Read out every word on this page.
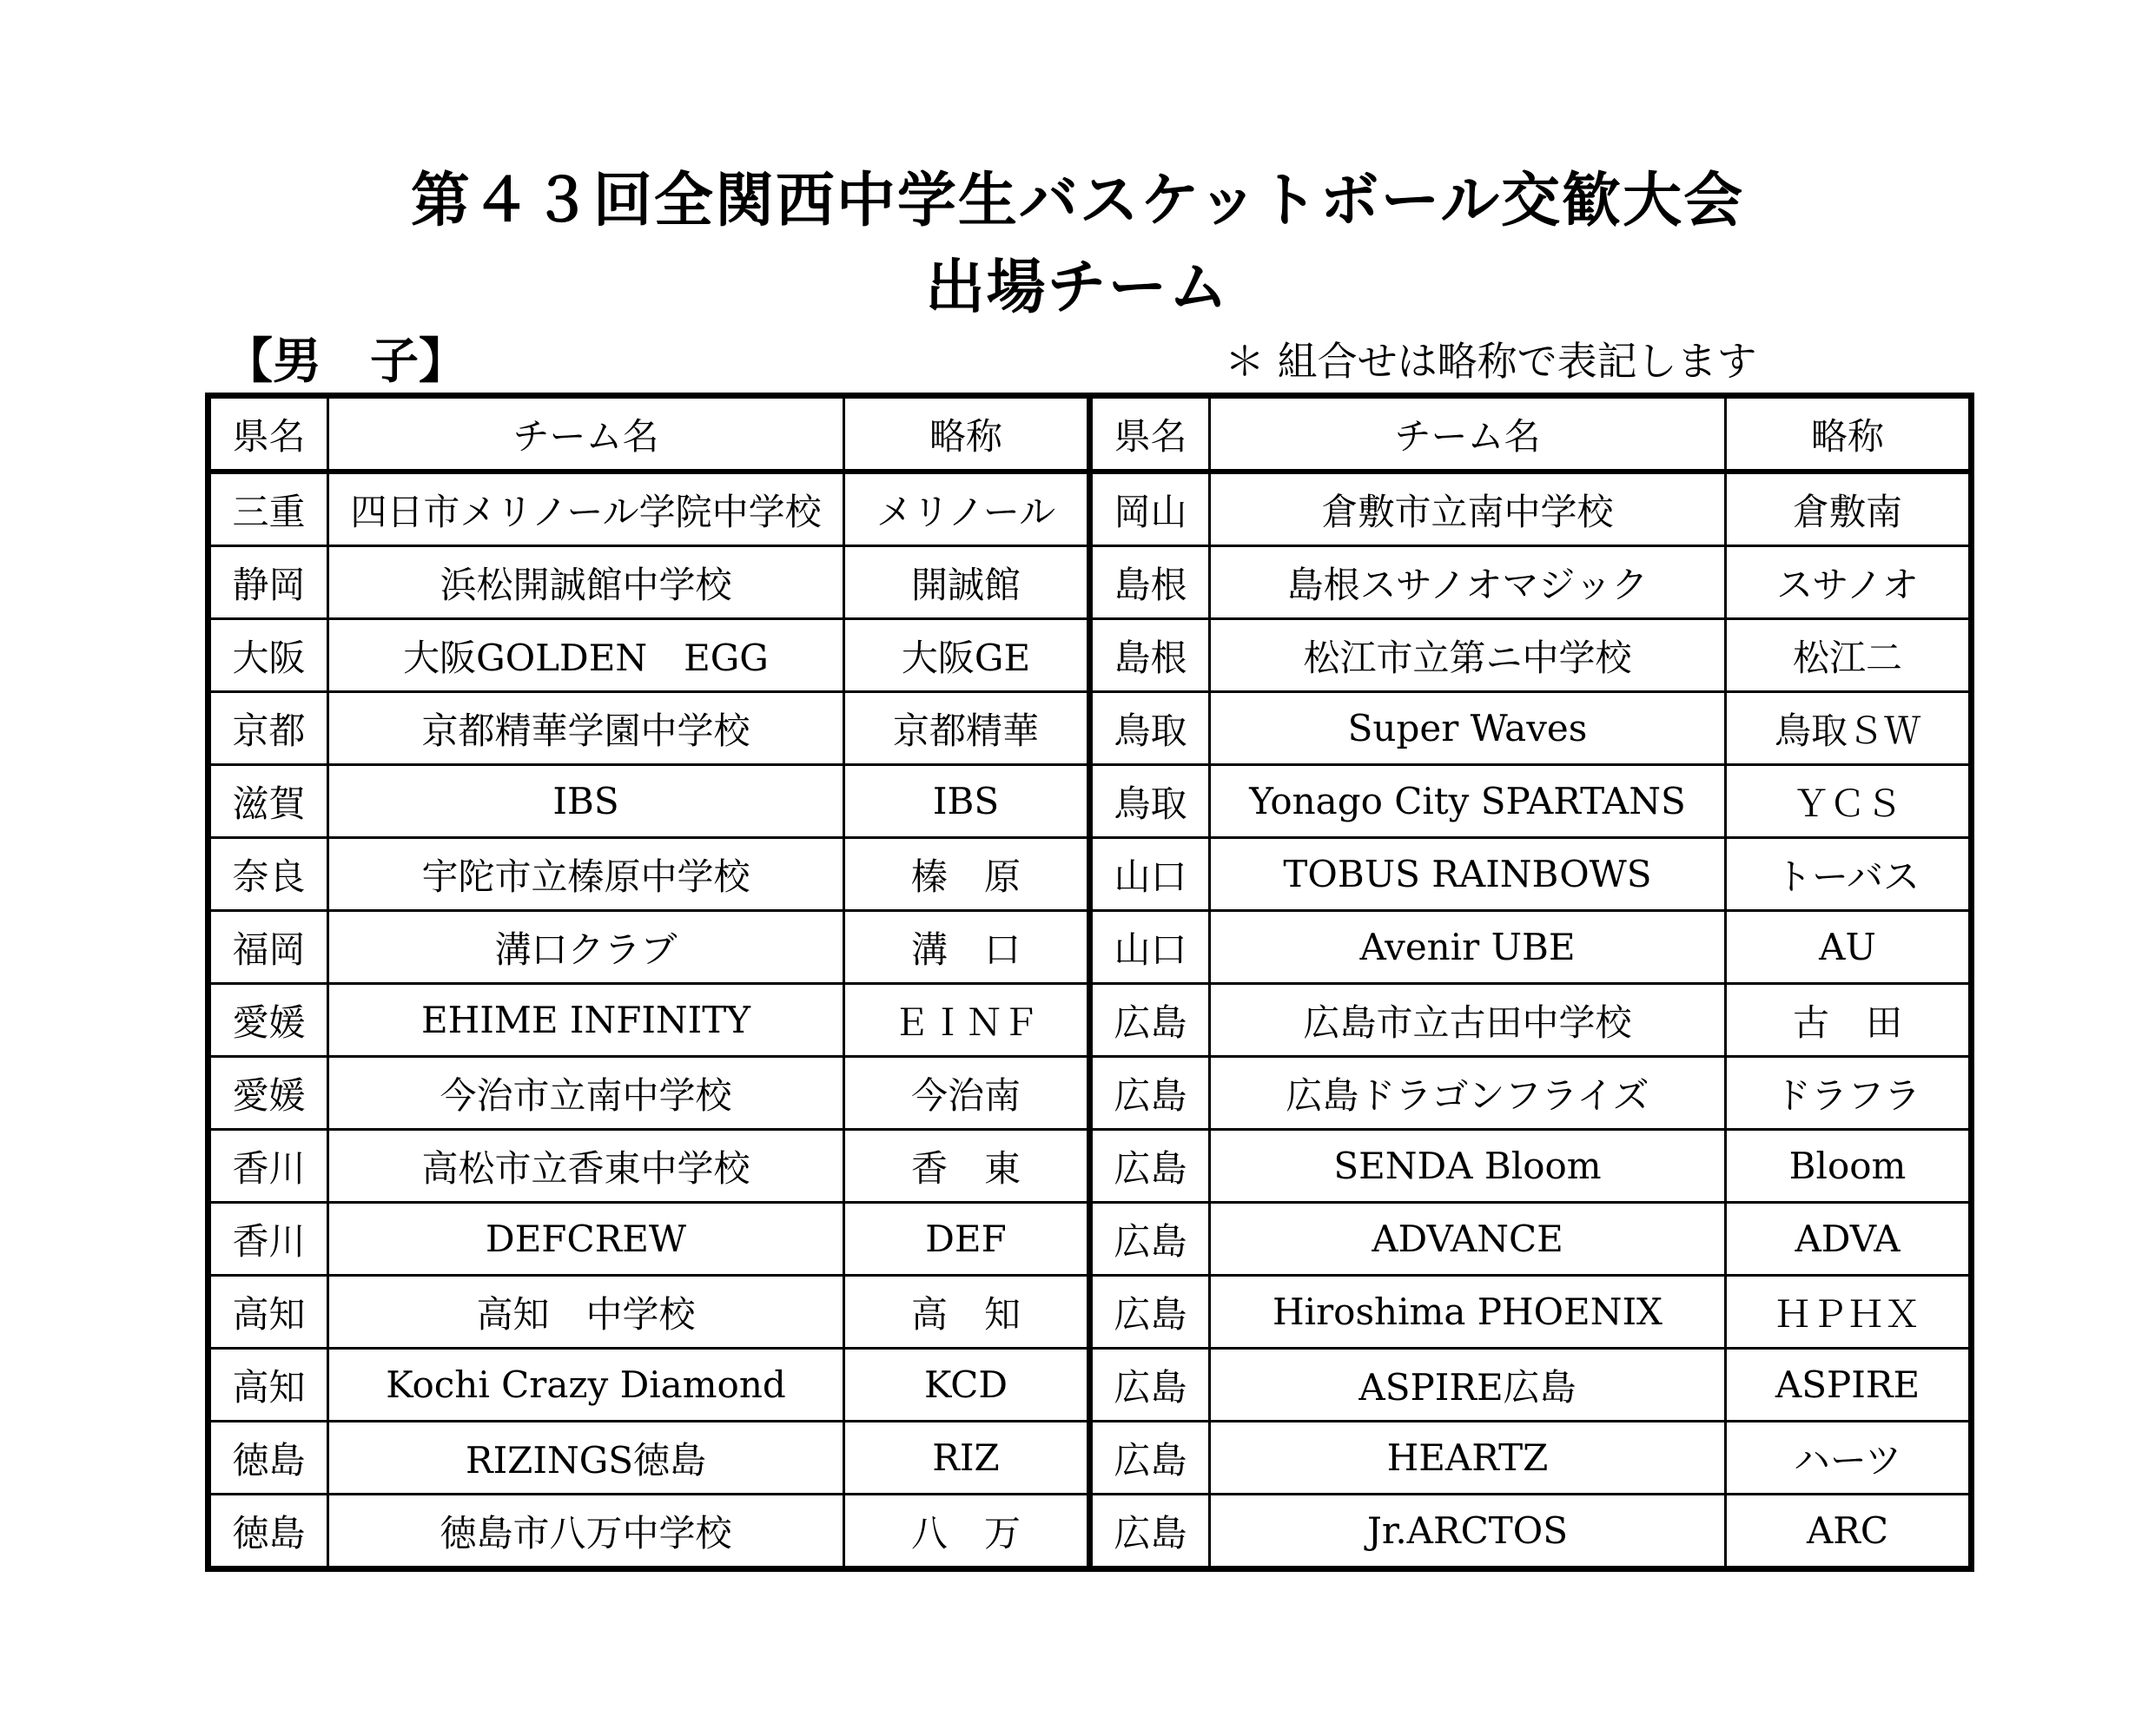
第４３回全関西中学生バスケットボール交歓大会
出場チーム
【男　子】	＊ 組合せは略称で表記します
県名	チーム名	略称	県名	チーム名	略称
三重	四日市メリノール学院中学校	メリノール	岡山	倉敷市立南中学校	倉敷南
静岡	浜松開誠館中学校	開誠館	島根	島根スサノオマジック	スサノオ
大阪	大阪GOLDEN　EGG	大阪GE	島根	松江市立第ニ中学校	松江二
京都	京都精華学園中学校	京都精華	鳥取	Super Waves	鳥取ＳＷ
滋賀	IBS	IBS	鳥取	Yonago City SPARTANS	ＹＣＳ
奈良	宇陀市立榛原中学校	榛　原	山口	TOBUS RAINBOWS	トーバス
福岡	溝口クラブ	溝　口	山口	Avenir UBE	AU
愛媛	EHIME INFINITY	ＥＩＮＦ	広島	広島市立古田中学校	古　田
愛媛	今治市立南中学校	今治南	広島	広島ドラゴンフライズ	ドラフラ
香川	高松市立香東中学校	香　東	広島	SENDA Bloom	Bloom
香川	DEFCREW	DEF	広島	ADVANCE	ADVA
高知	高知　中学校	高　知	広島	Hiroshima PHOENIX	ＨＰＨＸ
高知	Kochi Crazy Diamond	KCD	広島	ASPIRE広島	ASPIRE
徳島	RIZINGS徳島	RIZ	広島	HEARTZ	ハーツ
徳島	徳島市八万中学校	八　万	広島	Jr.ARCTOS	ARC
